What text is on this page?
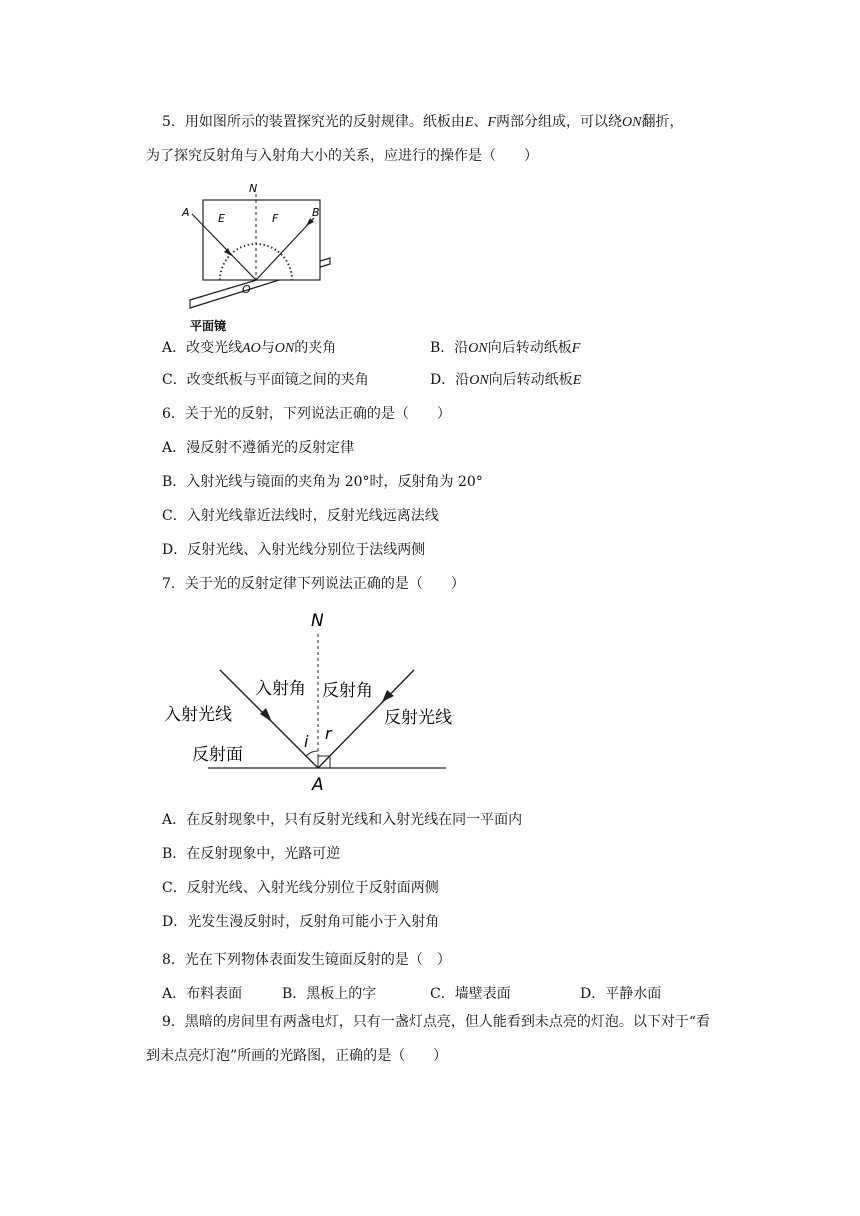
5．用如图所示的装置探究光的反射规律。纸板由E、F两部分组成，可以绕ON翻折，
为了探究反射角与入射角大小的关系，应进行的操作是（　　）
N
A	B
E	F
O
平面镜
A．改变光线AO与ON的夹角	B．沿ON向后转动纸板F
C．改变纸板与平面镜之间的夹角	D．沿ON向后转动纸板E
6．关于光的反射，下列说法正确的是（　　）
A．漫反射不遵循光的反射定律
B．入射光线与镜面的夹角为 20°时，反射角为 20°
C．入射光线靠近法线时，反射光线远离法线
D．反射光线、入射光线分别位于法线两侧
7．关于光的反射定律下列说法正确的是（　　）
N
入射角 反射角
入射光线	反射光线
反射面
i r
A
A．在反射现象中，只有反射光线和入射光线在同一平面内
B．在反射现象中，光路可逆
C．反射光线、入射光线分别位于反射面两侧
D．光发生漫反射时，反射角可能小于入射角
8．光在下列物体表面发生镜面反射的是（　）
A．布料表面	B．黑板上的字	C．墙壁表面	D．平静水面
9．黑暗的房间里有两盏电灯，只有一盏灯点亮，但人能看到未点亮的灯泡。以下对于“看
到未点亮灯泡”所画的光路图，正确的是（　　）
